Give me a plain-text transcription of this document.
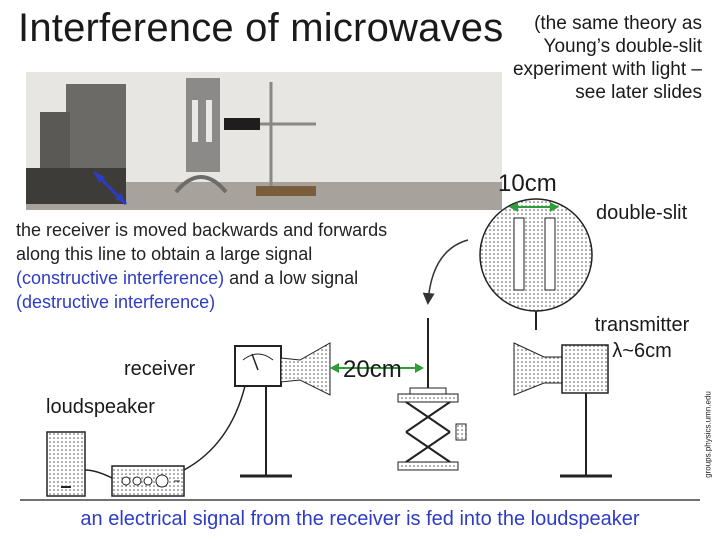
Interference of microwaves	(the same theory as Young’s double-slit experiment with light – see later slides
groups.physics.umn.edu
the receiver is moved backwards and forwards along this line to obtain a large signal (constructive interference) and a low signal (destructive interference)
10cm
double-slit
transmitter
λ~6cm
receiver	20cm
loudspeaker
an electrical signal from the receiver is fed into the loudspeaker
